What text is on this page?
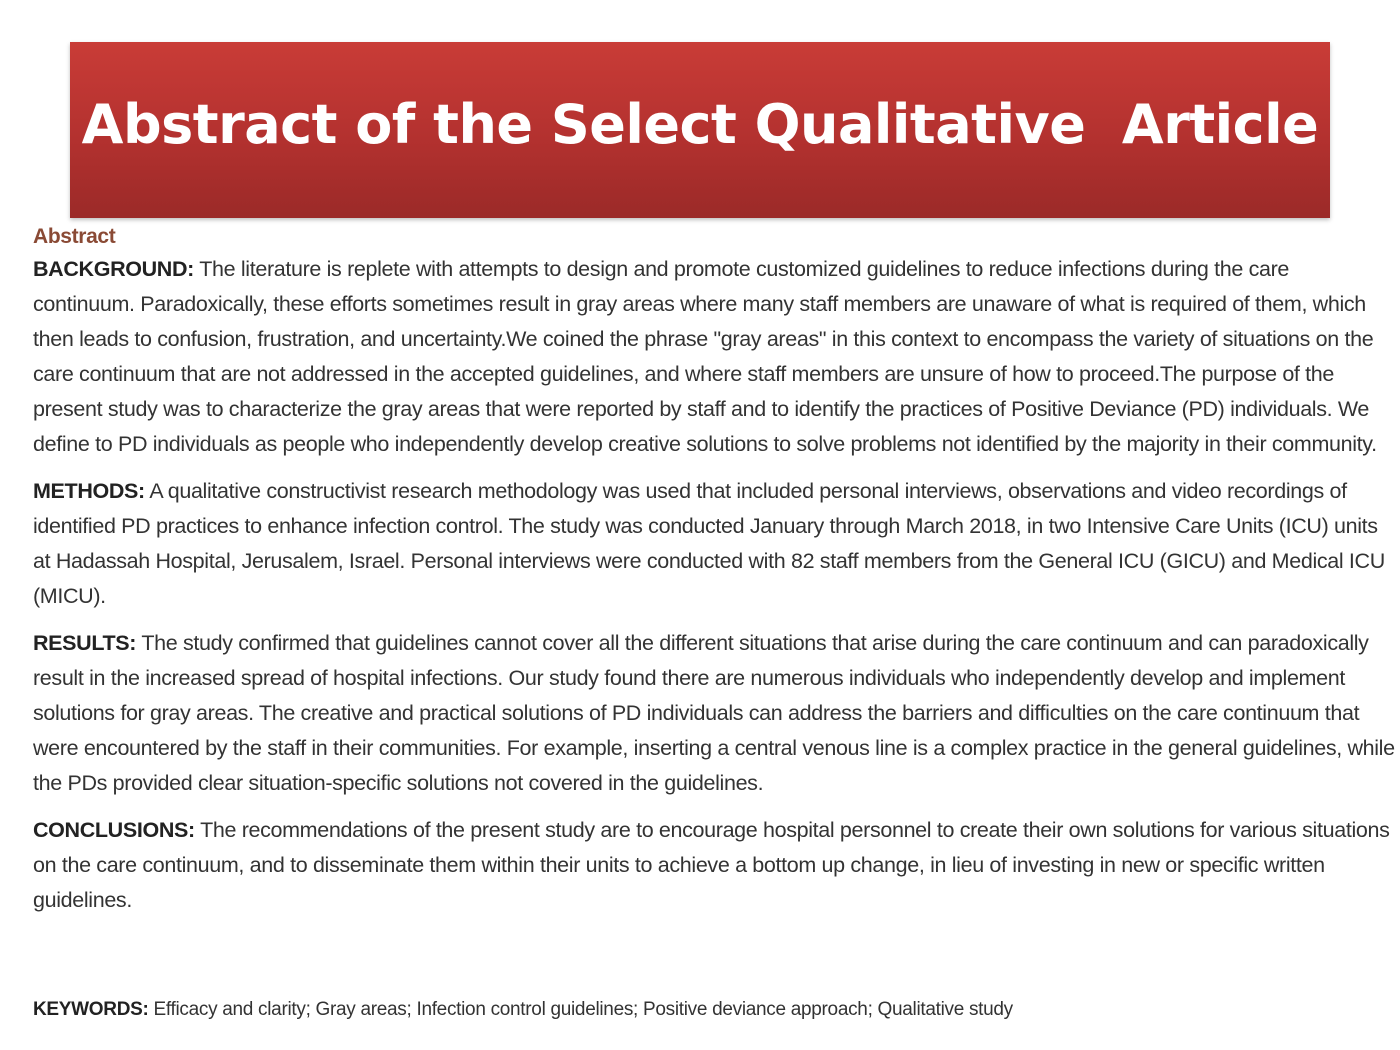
Abstract of the Select Qualitative  Article
Abstract

BACKGROUND: The literature is replete with attempts to design and promote customized guidelines to reduce infections during the care continuum. Paradoxically, these efforts sometimes result in gray areas where many staff members are unaware of what is required of them, which then leads to confusion, frustration, and uncertainty.We coined the phrase "gray areas" in this context to encompass the variety of situations on the care continuum that are not addressed in the accepted guidelines, and where staff members are unsure of how to proceed.The purpose of the present study was to characterize the gray areas that were reported by staff and to identify the practices of Positive Deviance (PD) individuals. We define to PD individuals as people who independently develop creative solutions to solve problems not identified by the majority in their community.

METHODS: A qualitative constructivist research methodology was used that included personal interviews, observations and video recordings of identified PD practices to enhance infection control. The study was conducted January through March 2018, in two Intensive Care Units (ICU) units at Hadassah Hospital, Jerusalem, Israel. Personal interviews were conducted with 82 staff members from the General ICU (GICU) and Medical ICU (MICU).

RESULTS: The study confirmed that guidelines cannot cover all the different situations that arise during the care continuum and can paradoxically result in the increased spread of hospital infections. Our study found there are numerous individuals who independently develop and implement solutions for gray areas. The creative and practical solutions of PD individuals can address the barriers and difficulties on the care continuum that were encountered by the staff in their communities. For example, inserting a central venous line is a complex practice in the general guidelines, while the PDs provided clear situation-specific solutions not covered in the guidelines.

CONCLUSIONS: The recommendations of the present study are to encourage hospital personnel to create their own solutions for various situations on the care continuum, and to disseminate them within their units to achieve a bottom up change, in lieu of investing in new or specific written guidelines.

KEYWORDS: Efficacy and clarity; Gray areas; Infection control guidelines; Positive deviance approach; Qualitative study
